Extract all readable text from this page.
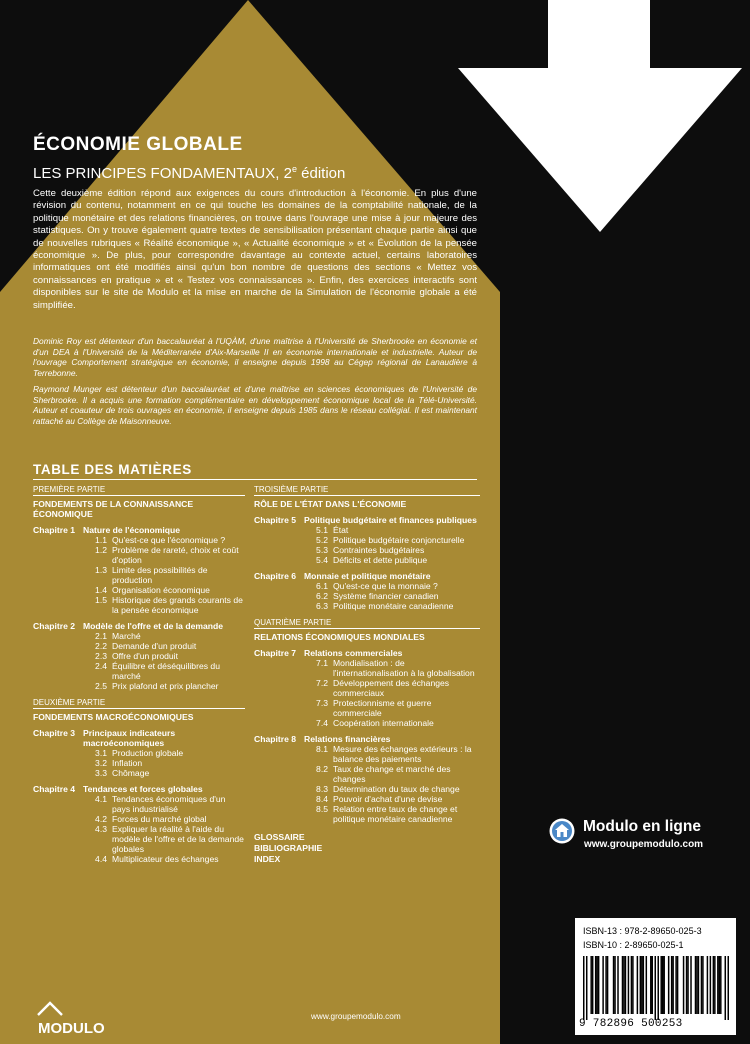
ÉCONOMIE GLOBALE
LES PRINCIPES FONDAMENTAUX, 2e édition
Cette deuxième édition répond aux exigences du cours d'introduction à l'économie. En plus d'une révision du contenu, notamment en ce qui touche les domaines de la comptabilité nationale, de la politique monétaire et des relations financières, on trouve dans l'ouvrage une mise à jour majeure des statistiques. On y trouve également quatre textes de sensibilisation présentant chaque partie ainsi que de nouvelles rubriques « Réalité économique », « Actualité économique » et « Évolution de la pensée économique ». De plus, pour correspondre davantage au contexte actuel, certains laboratoires informatiques ont été modifiés ainsi qu'un bon nombre de questions des sections « Mettez vos connaissances en pratique » et « Testez vos connaissances ». Enfin, des exercices interactifs sont disponibles sur le site de Modulo et la mise en marche de la Simulation de l'économie globale a été simplifiée.
Dominic Roy est détenteur d'un baccalauréat à l'UQÀM, d'une maîtrise à l'Université de Sherbrooke en économie et d'un DEA à l'Université de la Méditerranée d'Aix-Marseille II en économie internationale et industrielle. Auteur de l'ouvrage Comportement stratégique en économie, il enseigne depuis 1998 au Cégep régional de Lanaudière à Terrebonne.
Raymond Munger est détenteur d'un baccalauréat et d'une maîtrise en sciences économiques de l'Université de Sherbrooke. Il a acquis une formation complémentaire en développement économique local de la Télé-Université. Auteur et coauteur de trois ouvrages en économie, il enseigne depuis 1985 dans le réseau collégial. Il est maintenant rattaché au Collège de Maisonneuve.
TABLE DES MATIÈRES
PREMIÈRE PARTIE
FONDEMENTS DE LA CONNAISSANCE ÉCONOMIQUE
Chapitre 1 Nature de l'économique
1.1 Qu'est-ce que l'économique ?
1.2 Problème de rareté, choix et coût d'option
1.3 Limite des possibilités de production
1.4 Organisation économique
1.5 Historique des grands courants de la pensée économique
Chapitre 2 Modèle de l'offre et de la demande
2.1 Marché
2.2 Demande d'un produit
2.3 Offre d'un produit
2.4 Équilibre et déséquilibres du marché
2.5 Prix plafond et prix plancher
DEUXIÈME PARTIE
FONDEMENTS MACROÉCONOMIQUES
Chapitre 3 Principaux indicateurs macroéconomiques
3.1 Production globale
3.2 Inflation
3.3 Chômage
Chapitre 4 Tendances et forces globales
4.1 Tendances économiques d'un pays industrialisé
4.2 Forces du marché global
4.3 Expliquer la réalité à l'aide du modèle de l'offre et de la demande globales
4.4 Multiplicateur des échanges
TROISIÈME PARTIE
RÔLE DE L'ÉTAT DANS L'ÉCONOMIE
Chapitre 5 Politique budgétaire et finances publiques
5.1 État
5.2 Politique budgétaire conjoncturelle
5.3 Contraintes budgétaires
5.4 Déficits et dette publique
Chapitre 6 Monnaie et politique monétaire
6.1 Qu'est-ce que la monnaie ?
6.2 Système financier canadien
6.3 Politique monétaire canadienne
QUATRIÈME PARTIE
RELATIONS ÉCONOMIQUES MONDIALES
Chapitre 7 Relations commerciales
7.1 Mondialisation : de l'internationalisation à la globalisation
7.2 Développement des échanges commerciaux
7.3 Protectionnisme et guerre commerciale
7.4 Coopération internationale
Chapitre 8 Relations financières
8.1 Mesure des échanges extérieurs : la balance des paiements
8.2 Taux de change et marché des changes
8.3 Détermination du taux de change
8.4 Pouvoir d'achat d'une devise
8.5 Relation entre taux de change et politique monétaire canadienne
GLOSSAIRE
BIBLIOGRAPHIE
INDEX
Modulo en ligne
www.groupemodulo.com
ISBN-13 : 978-2-89650-025-3
ISBN-10 : 2-89650-025-1
9 782896 500253
MODULO
www.groupemodulo.com
